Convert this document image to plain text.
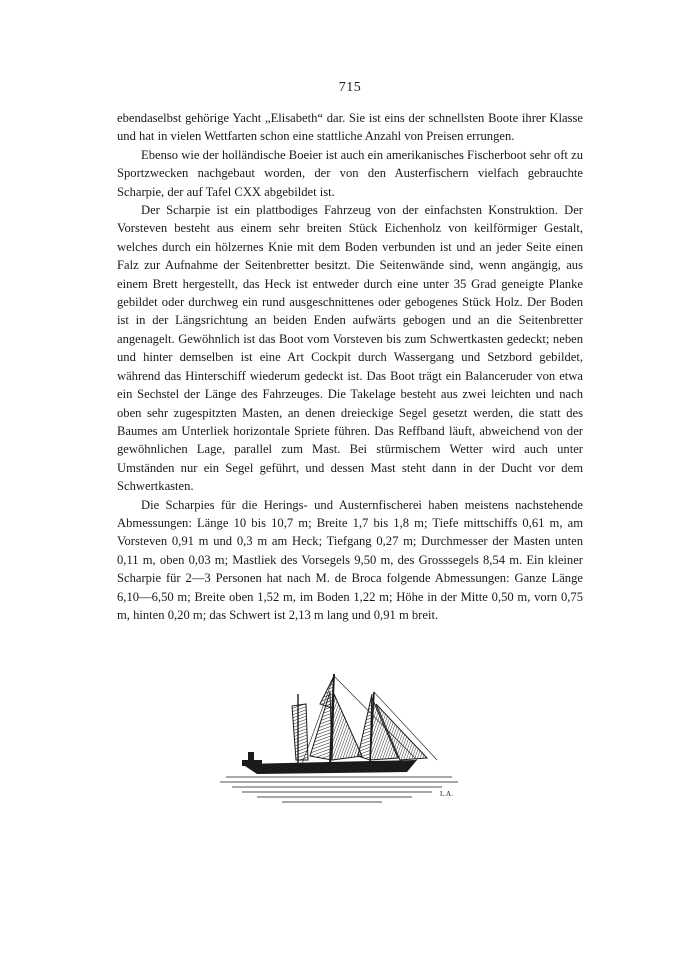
715

ebendaselbst gehörige Yacht „Elisabeth“ dar. Sie ist eins der schnellsten Boote ihrer Klasse und hat in vielen Wettfarten schon eine stattliche Anzahl von Preisen errungen.

Ebenso wie der holländische Boeier ist auch ein amerikanisches Fischerboot sehr oft zu Sportzwecken nachgebaut worden, der von den Austerfischern vielfach gebrauchte Scharpie, der auf Tafel CXX abgebildet ist.

Der Scharpie ist ein plattbodiges Fahrzeug von der einfachsten Konstruktion. Der Vorsteven besteht aus einem sehr breiten Stück Eichenholz von keilförmiger Gestalt, welches durch ein hölzernes Knie mit dem Boden verbunden ist und an jeder Seite einen Falz zur Aufnahme der Seitenbretter besitzt. Die Seitenwände sind, wenn angängig, aus einem Brett hergestellt, das Heck ist entweder durch eine unter 35 Grad geneigte Planke gebildet oder durchweg ein rund ausgeschnittenes oder gebogenes Stück Holz. Der Boden ist in der Längsrichtung an beiden Enden aufwärts gebogen und an die Seitenbretter angenagelt. Gewöhnlich ist das Boot vom Vorsteven bis zum Schwertkasten gedeckt; neben und hinter demselben ist eine Art Cockpit durch Wassergang und Setzbord gebildet, während das Hinterschiff wiederum gedeckt ist. Das Boot trägt ein Balanceruder von etwa ein Sechstel der Länge des Fahrzeuges. Die Takelage besteht aus zwei leichten und nach oben sehr zugespitzten Masten, an denen dreieckige Segel gesetzt werden, die statt des Baumes am Unterliek horizontale Spriete führen. Das Reffband läuft, abweichend von der gewöhnlichen Lage, parallel zum Mast. Bei stürmischem Wetter wird auch unter Umständen nur ein Segel geführt, und dessen Mast steht dann in der Ducht vor dem Schwertkasten.

Die Scharpies für die Herings- und Austernfischerei haben meistens nachstehende Abmessungen: Länge 10 bis 10,7 m; Breite 1,7 bis 1,8 m; Tiefe mittschiffs 0,61 m, am Vorsteven 0,91 m und 0,3 m am Heck; Tiefgang 0,27 m; Durchmesser der Masten unten 0,11 m, oben 0,03 m; Mastliek des Vorsegels 9,50 m, des Grosssegels 8,54 m. Ein kleiner Scharpie für 2—3 Personen hat nach M. de Broca folgende Abmessungen: Ganze Länge 6,10—6,50 m; Breite oben 1,52 m, im Boden 1,22 m; Höhe in der Mitte 0,50 m, vorn 0,75 m, hinten 0,20 m; das Schwert ist 2,13 m lang und 0,91 m breit.

L.A.
